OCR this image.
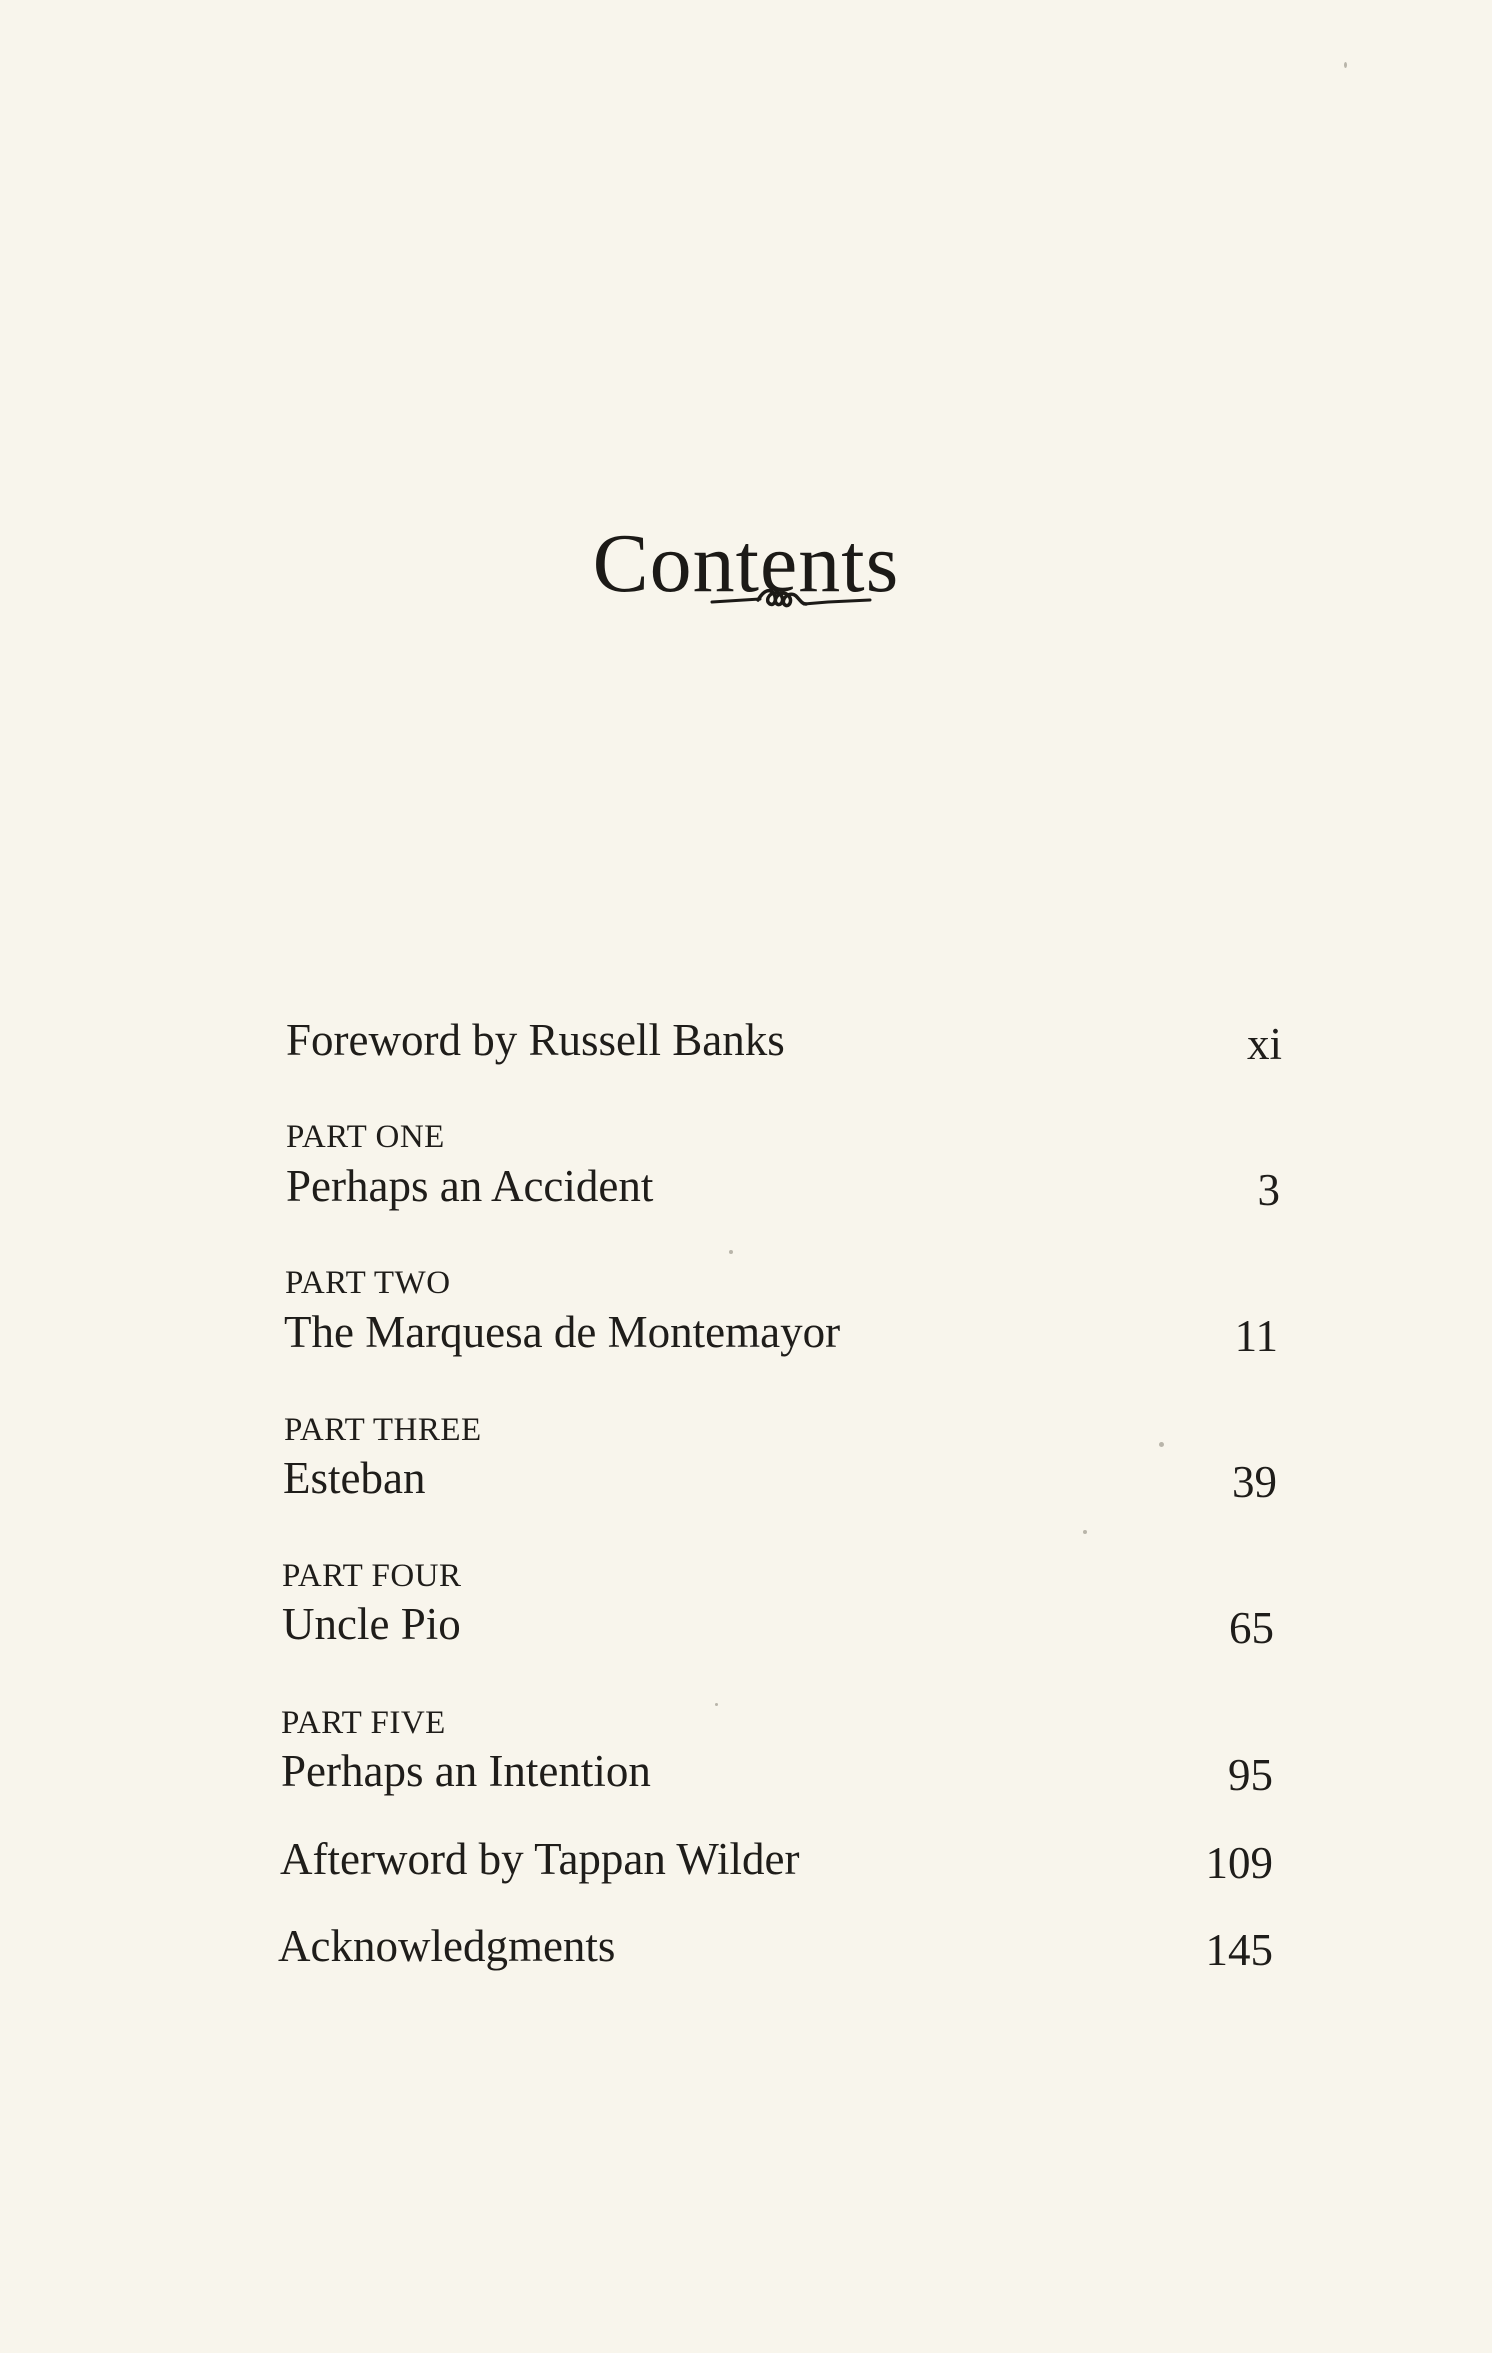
Contents
Foreword by Russell Banks	xi
PART ONE
Perhaps an Accident	3
PART TWO
The Marquesa de Montemayor	11
PART THREE
Esteban	39
PART FOUR
Uncle Pio	65
PART FIVE
Perhaps an Intention	95
Afterword by Tappan Wilder	109
Acknowledgments	145
